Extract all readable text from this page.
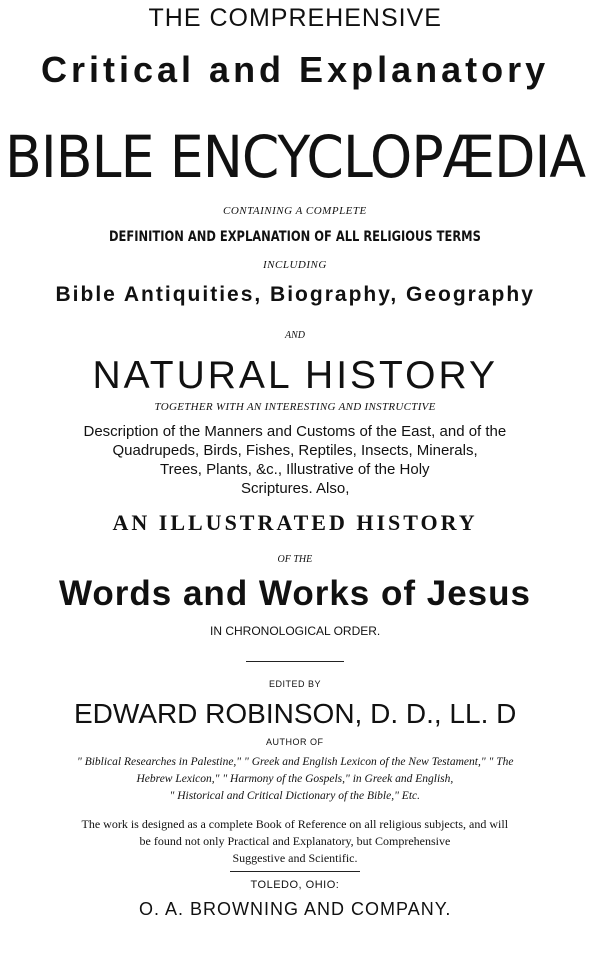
THE COMPREHENSIVE
Critical and Explanatory
BIBLE ENCYCLOPÆDIA
CONTAINING A COMPLETE
DEFINITION AND EXPLANATION OF ALL RELIGIOUS TERMS
INCLUDING
Bible Antiquities, Biography, Geography
AND
NATURAL HISTORY
TOGETHER WITH AN INTERESTING AND INSTRUCTIVE
Description of the Manners and Customs of the East, and of the
Quadrupeds, Birds, Fishes, Reptiles, Insects, Minerals,
Trees, Plants, &c., Illustrative of the Holy
Scriptures. Also,
AN ILLUSTRATED HISTORY
OF THE
Words and Works of Jesus
IN CHRONOLOGICAL ORDER.
EDITED BY
EDWARD ROBINSON, D. D., LL. D
AUTHOR OF
" Biblical Researches in Palestine," " Greek and English Lexicon of the New Testament," " The
Hebrew Lexicon," " Harmony of the Gospels," in Greek and English,
" Historical and Critical Dictionary of the Bible," Etc.
The work is designed as a complete Book of Reference on all religious subjects, and will
be found not only Practical and Explanatory, but Comprehensive
Suggestive and Scientific.
TOLEDO, OHIO:
O. A. BROWNING AND COMPANY.
